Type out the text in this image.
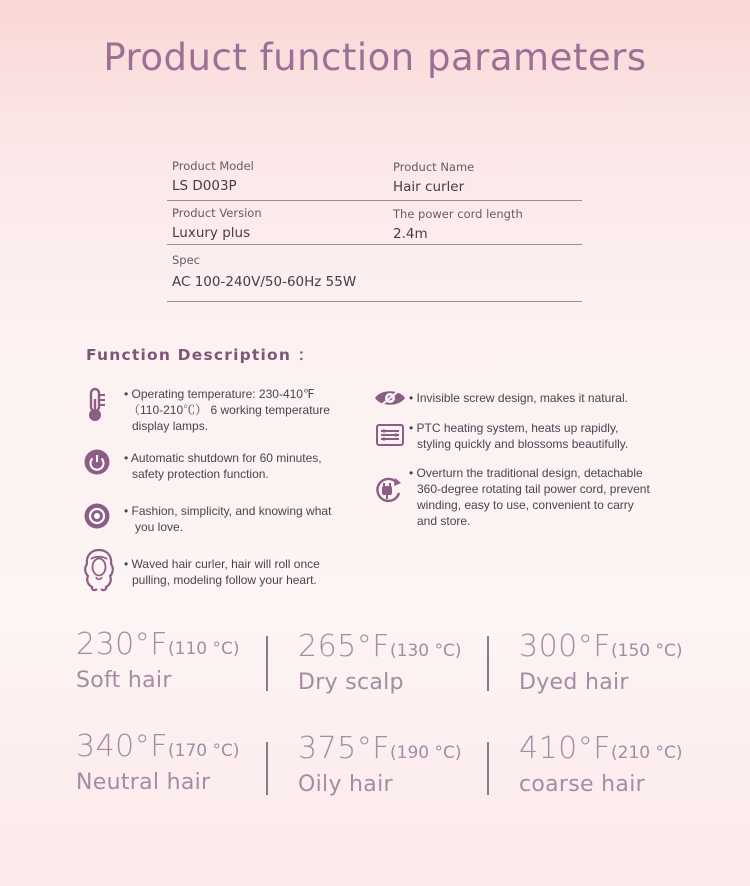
Product function parameters
Product Model
LS D003P
Product Name
Hair curler
Product Version
Luxury plus
The power cord length
2.4m
Spec
AC 100-240V/50-60Hz 55W
Function Description ：
• Operating temperature: 230-410℉
（110-210℃） 6 working temperature
display lamps.
• Automatic shutdown for 60 minutes,
safety protection function.
• Fashion, simplicity, and knowing what
you love.
• Waved hair curler, hair will roll once
pulling, modeling follow your heart.
• Invisible screw design, makes it natural.
• PTC heating system, heats up rapidly,
styling quickly and blossoms beautifully.
• Overturn the traditional design, detachable
360-degree rotating tail power cord, prevent
winding, easy to use, convenient to carry
and store.
230°F(110 °C)
Soft hair
265°F(130 °C)
Dry scalp
300°F(150 °C)
Dyed hair
340°F(170 °C)
Neutral hair
375°F(190 °C)
Oily hair
410°F(210 °C)
coarse hair
